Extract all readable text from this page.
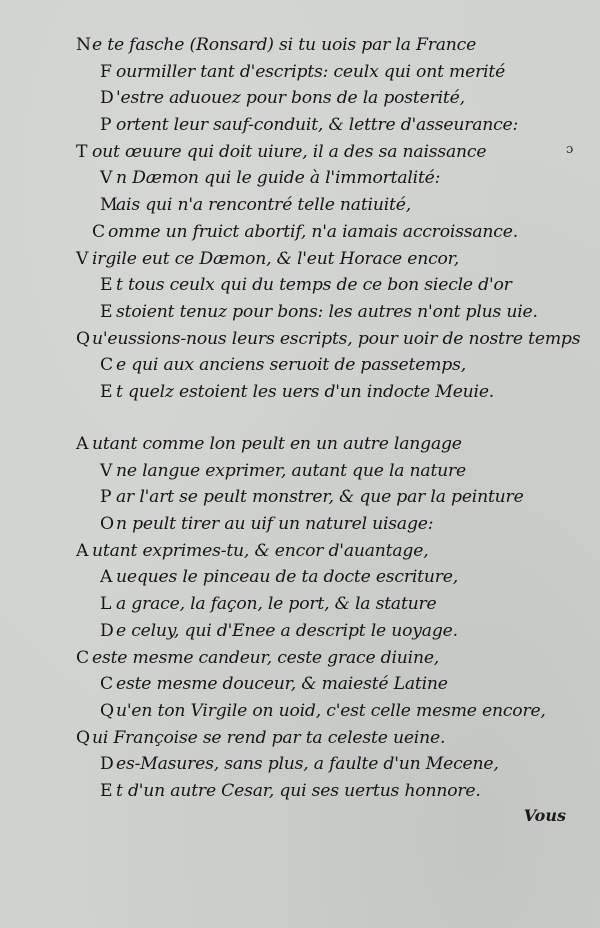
Ne te fasche (Ronsard) si tu uois par la France
F ourmiller tant d'escripts: ceulx qui ont merité
D 'estre aduouez pour bons de la posterité,
P ortent leur sauf-conduit, & lettre d'asseurance:
T out œuure qui doit uiure, il a des sa naissance
V n Dæmon qui le guide à l'immortalité:
Mais qui n'a rencontré telle natiuité,
C omme un fruict abortif, n'a iamais accroissance.
V irgile eut ce Dæmon, & l'eut Horace encor,
E t tous ceulx qui du temps de ce bon siecle d'or
E stoient tenuz pour bons: les autres n'ont plus uie.
Q u'eussions-nous leurs escripts, pour uoir de nostre temps
C e qui aux anciens seruoit de passetemps,
E t quelz estoient les uers d'un indocte Meuie.
A utant comme lon peult en un autre langage
V ne langue exprimer, autant que la nature
P ar l'art se peult monstrer, & que par la peinture
O n peult tirer au uif un naturel uisage:
A utant exprimes-tu, & encor d'auantage,
A ueques le pinceau de ta docte escriture,
L a grace, la façon, le port, & la stature
D e celuy, qui d'Enee a descript le uoyage.
C este mesme candeur, ceste grace diuine,
C este mesme douceur, & maiesté Latine
Q u'en ton Virgile on uoid, c'est celle mesme encore,
Q ui Françoise se rend par ta celeste ueine.
D es-Masures, sans plus, a faulte d'un Mecene,
E t d'un autre Cesar, qui ses uertus honnore.
ɔ
Vous
